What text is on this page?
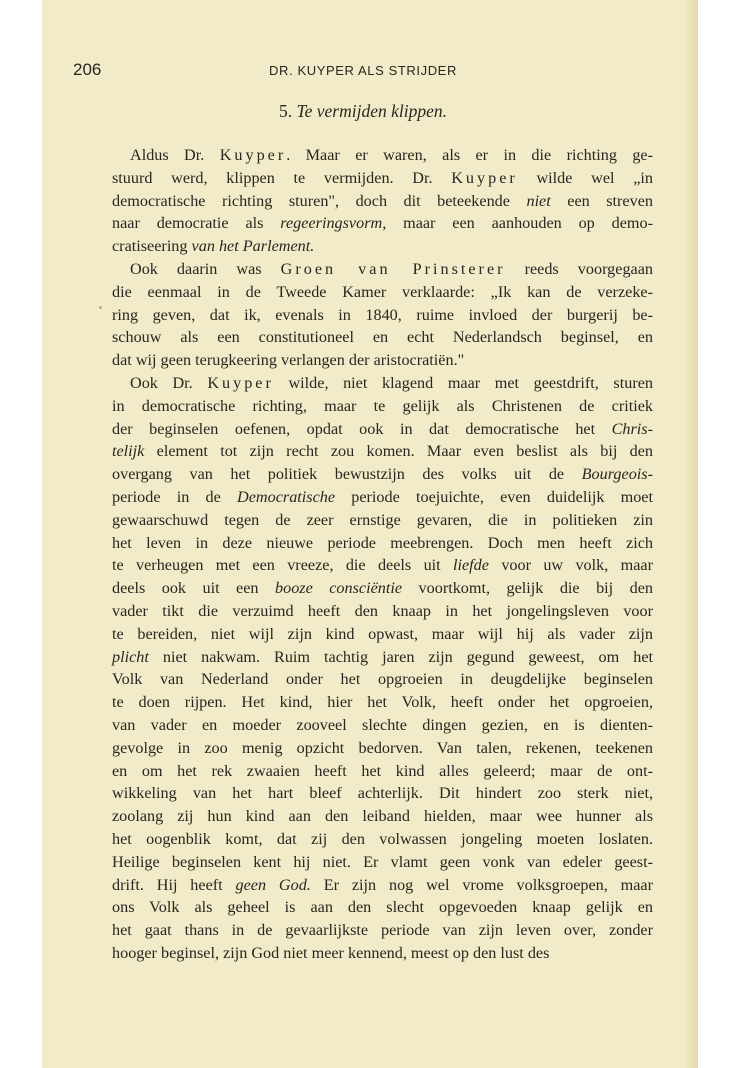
206	DR. KUYPER ALS STRIJDER
5. Te vermijden klippen.
Aldus Dr. Kuyper. Maar er waren, als er in die richting ge-
stuurd werd, klippen te vermijden. Dr. Kuyper wilde wel „in
democratische richting sturen", doch dit beteekende niet een streven
naar democratie als regeeringsvorm, maar een aanhouden op demo-
cratiseering van het Parlement.
Ook daarin was Groen van Prinsterer reeds voorgegaan
die eenmaal in de Tweede Kamer verklaarde: „Ik kan de verzeke-
ring geven, dat ik, evenals in 1840, ruime invloed der burgerij be-
schouw als een constitutioneel en echt Nederlandsch beginsel, en
dat wij geen terugkeering verlangen der aristocratiën."
Ook Dr. Kuyper wilde, niet klagend maar met geestdrift, sturen
in democratische richting, maar te gelijk als Christenen de critiek
der beginselen oefenen, opdat ook in dat democratische het Chris-
telijk element tot zijn recht zou komen. Maar even beslist als bij den
overgang van het politiek bewustzijn des volks uit de Bourgeois-
periode in de Democratische periode toejuichte, even duidelijk moet
gewaarschuwd tegen de zeer ernstige gevaren, die in politieken zin
het leven in deze nieuwe periode meebrengen. Doch men heeft zich
te verheugen met een vreeze, die deels uit liefde voor uw volk, maar
deels ook uit een booze consciëntie voortkomt, gelijk die bij den
vader tikt die verzuimd heeft den knaap in het jongelingsleven voor
te bereiden, niet wijl zijn kind opwast, maar wijl hij als vader zijn
plicht niet nakwam. Ruim tachtig jaren zijn gegund geweest, om het
Volk van Nederland onder het opgroeien in deugdelijke beginselen
te doen rijpen. Het kind, hier het Volk, heeft onder het opgroeien,
van vader en moeder zooveel slechte dingen gezien, en is dienten-
gevolge in zoo menig opzicht bedorven. Van talen, rekenen, teekenen
en om het rek zwaaien heeft het kind alles geleerd; maar de ont-
wikkeling van het hart bleef achterlijk. Dit hindert zoo sterk niet,
zoolang zij hun kind aan den leiband hielden, maar wee hunner als
het oogenblik komt, dat zij den volwassen jongeling moeten loslaten.
Heilige beginselen kent hij niet. Er vlamt geen vonk van edeler geest-
drift. Hij heeft geen God. Er zijn nog wel vrome volksgroepen, maar
ons Volk als geheel is aan den slecht opgevoeden knaap gelijk en
het gaat thans in de gevaarlijkste periode van zijn leven over, zonder
hooger beginsel, zijn God niet meer kennend, meest op den lust des
